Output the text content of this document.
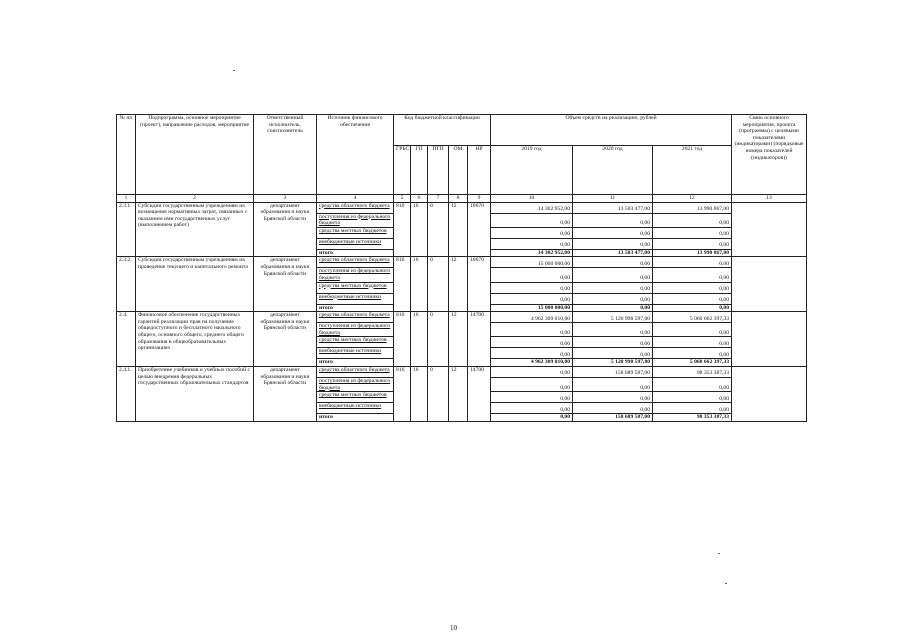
№ пп	Подпрограмма, основное мероприятие (проект), направление расходов, мероприятие	Ответственный исполнитель, соисполнитель	Источник финансового обеспечения	Код бюджетной классификации					Объем средств на реализацию, рублей			Связь основного мероприятия, проекта (программы) с целевыми показателями (индикаторами) (порядковые номера показателей (индикаторов))
				ГРБС	ГП	ПГП	ОМ	НР	2019 год	2020 год	2021 год	
1	2	3	4	5	6	7	8	9	10	11	12	13
2.3.1.	Субсидии государственным учреждениям на возмещение нормативных затрат, связанных с оказанием ими государственных услуг (выполнением работ)	департамент образования и науки Брянской области	средства областного бюджета	816	16	0	12	10670	14 302 952,00	13 503 477,00	13 990 867,00	
			поступления из федерального бюджета						0,00	0,00	0,00	
			средства местных бюджетов						0,00	0,00	0,00	
			внебюджетные источники						0,00	0,00	0,00	
			итого						14 302 952,00	13 503 477,00	13 990 867,00	
2.3.2.	Субсидии государственным учреждениям на проведение текущего и капитального ремонта	департамент образования и науки Брянской области	средства областного бюджета	816	16	0	12	10670	15 000 000,00	0,00	0,00	
			поступления из федерального бюджета						0,00	0,00	0,00	
			средства местных бюджетов						0,00	0,00	0,00	
			внебюджетные источники						0,00	0,00	0,00	
			итого						15 000 000,00	0,00	0,00	
2.4.	Финансовое обеспечение государственных гарантий реализации прав на получение общедоступного и бесплатного начального общего, основного общего, среднего общего образования в общеобразовательных организациях	департамент образования и науки Брянской области	средства областного бюджета	816	16	0	12	14700	4 962 309 010,00	5 120 998 597,00	5 060 662 397,33	
			поступления из федерального бюджета						0,00	0,00	0,00	
			средства местных бюджетов						0,00	0,00	0,00	
			внебюджетные источники						0,00	0,00	0,00	
			итого						4 962 309 010,00	5 120 998 597,00	5 060 662 397,33	
2.4.1.	Приобретение учебников и учебных пособий с целью внедрения федеральных государственных образовательных стандартов	департамент образования и науки Брянской области	средства областного бюджета	816	16	0	12	14700	0,00	158 689 587,00	98 353 387,33	
			поступления из федерального бюджета						0,00	0,00	0,00	
			средства местных бюджетов						0,00	0,00	0,00	
			внебюджетные источники						0,00	0,00	0,00	
			итого						0,00	158 689 587,00	98 353 387,33	
10
